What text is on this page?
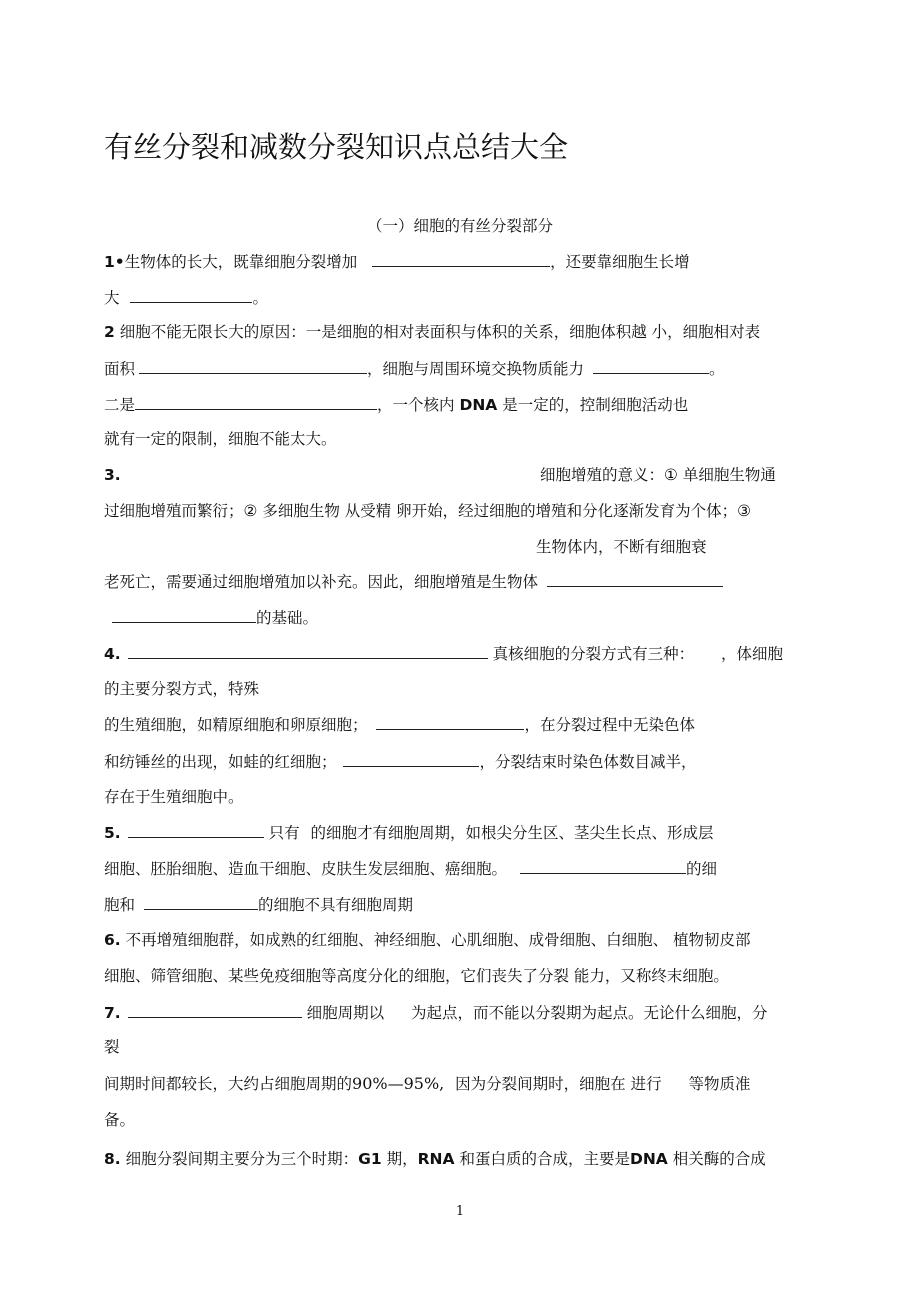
有丝分裂和减数分裂知识点总结大全
（一）细胞的有丝分裂部分
1•生物体的长大，既靠细胞分裂增加	，还要靠细胞生长增
大	。
2 细胞不能无限长大的原因：一是细胞的相对表面积与体积的关系，细胞体积越 小，细胞相对表
面积	，细胞与周围环境交换物质能力	。
二是	，一个核内 DNA 是一定的，控制细胞活动也
就有一定的限制，细胞不能太大。
3.	细胞增殖的意义：① 单细胞生物通
过细胞增殖而繁衍；② 多细胞生物 从受精 卵开始，经过细胞的增殖和分化逐渐发育为个体；③
生物体内，不断有细胞衰
老死亡，需要通过细胞增殖加以补充。因此，细胞增殖是生物体
的基础。
4.	真核细胞的分裂方式有三种： ，体细胞
的主要分裂方式，特殊
的生殖细胞，如精原细胞和卵原细胞；	，在分裂过程中无染色体
和纺锤丝的出现，如蛙的红细胞；	，分裂结束时染色体数目减半，
存在于生殖细胞中。
5.	只有 的细胞才有细胞周期，如根尖分生区、茎尖生长点、形成层
细胞、胚胎细胞、造血干细胞、皮肤生发层细胞、癌细胞。	的细
胞和	的细胞不具有细胞周期
6. 不再增殖细胞群，如成熟的红细胞、神经细胞、心肌细胞、成骨细胞、白细胞、 植物韧皮部
细胞、筛管细胞、某些免疫细胞等高度分化的细胞，它们丧失了分裂 能力，又称终末细胞。
7.	细胞周期以 为起点，而不能以分裂期为起点。无论什么细胞，分
裂
间期时间都较长，大约占细胞周期的90%—95%, 因为分裂间期时，细胞在 进行 等物质准
备。
8. 细胞分裂间期主要分为三个时期：G1 期，RNA 和蛋白质的合成，主要是DNA 相关酶的合成
1
